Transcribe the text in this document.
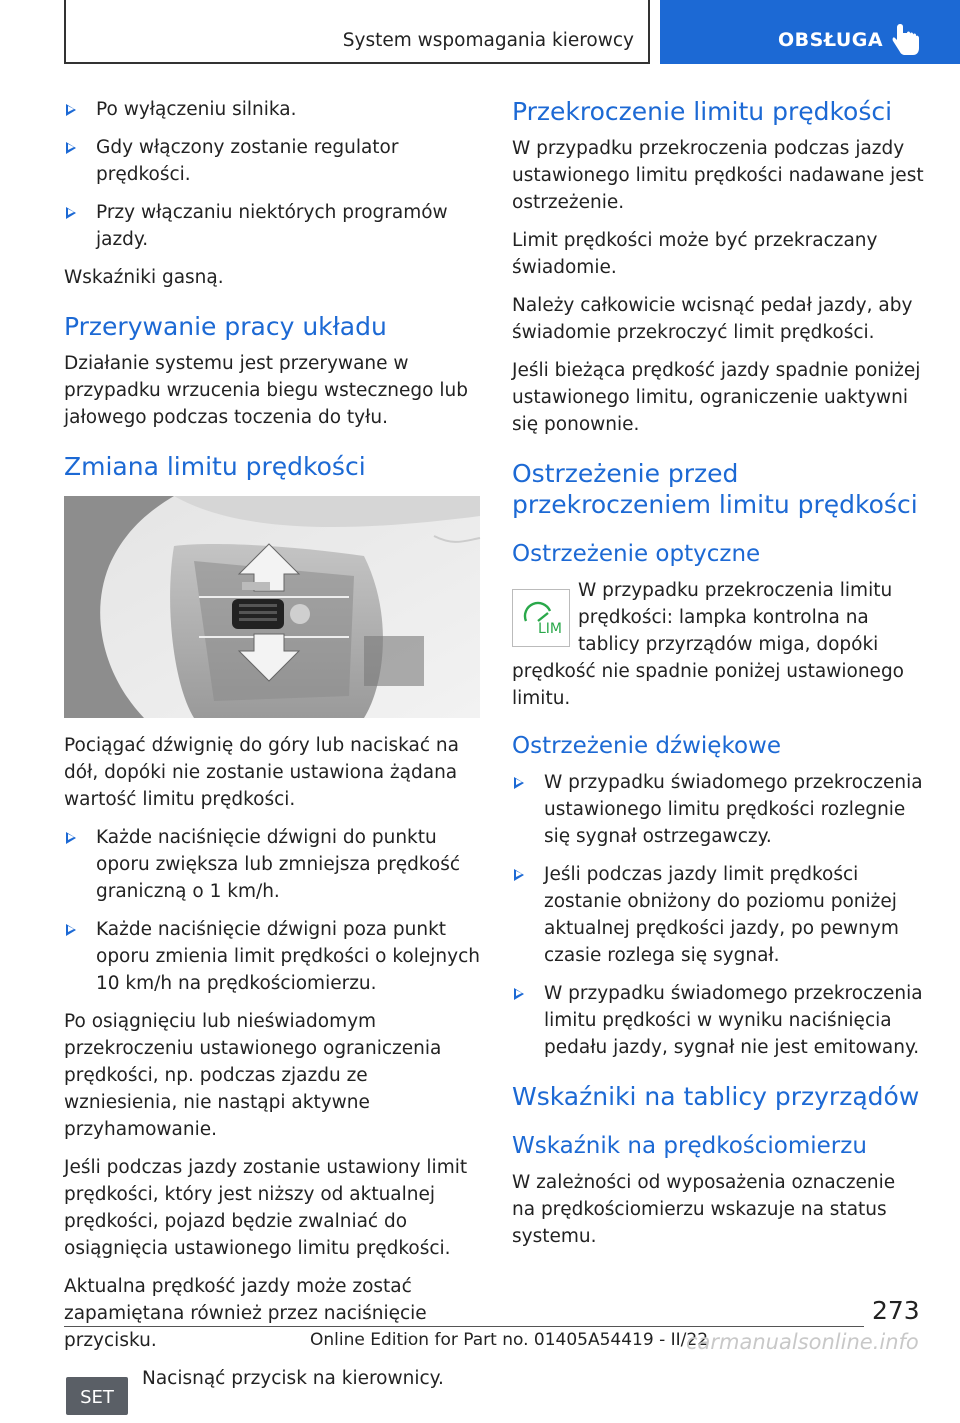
System wspomagania kierowcy	OBSŁUGA
Po wyłączeniu silnika.
Gdy włączony zostanie regulator prędkości.
Przy włączaniu niektórych programów jazdy.

Wskaźniki gasną.

Przerywanie pracy układu

Działanie systemu jest przerywane w przypadku wrzucenia biegu wstecznego lub jałowego podczas toczenia do tyłu.

Zmiana limitu prędkości

Pociągać dźwignię do góry lub naciskać na dół, dopóki nie zostanie ustawiona żądana wartość limitu prędkości.

Każde naciśnięcie dźwigni do punktu oporu zwiększa lub zmniejsza prędkość graniczną o 1 km/h.
Każde naciśnięcie dźwigni poza punkt oporu zmienia limit prędkości o kolejnych 10 km/h na prędkościomierzu.

Po osiągnięciu lub nieświadomym przekroczeniu ustawionego ograniczenia prędkości, np. podczas zjazdu ze wzniesienia, nie nastąpi aktywne przyhamowanie.

Jeśli podczas jazdy zostanie ustawiony limit prędkości, który jest niższy od aktualnej prędkości, pojazd będzie zwalniać do osiągnięcia ustawionego limitu prędkości.

Aktualna prędkość jazdy może zostać zapamiętana również przez naciśnięcie przycisku.

SET

Nacisnąć przycisk na kierownicy.

Przekroczenie limitu prędkości

W przypadku przekroczenia podczas jazdy ustawionego limitu prędkości nadawane jest ostrzeżenie.

Limit prędkości może być przekraczany świadomie.

Należy całkowicie wcisnąć pedał jazdy, aby świadomie przekroczyć limit prędkości.

Jeśli bieżąca prędkość jazdy spadnie poniżej ustawionego limitu, ograniczenie uaktywni się ponownie.

Ostrzeżenie przed przekroczeniem limitu prędkości
Ostrzeżenie optyczne
LIM

W przypadku przekroczenia limitu prędkości: lampka kontrolna na tablicy przyrządów miga, dopóki prędkość nie spadnie poniżej ustawionego limitu.

Ostrzeżenie dźwiękowe
W przypadku świadomego przekroczenia ustawionego limitu prędkości rozlegnie się sygnał ostrzegawczy.
Jeśli podczas jazdy limit prędkości zostanie obniżony do poziomu poniżej aktualnej prędkości jazdy, po pewnym czasie rozlega się sygnał.
W przypadku świadomego przekroczenia limitu prędkości w wyniku naciśnięcia pedału jazdy, sygnał nie jest emitowany.
Wskaźniki na tablicy przyrządów
Wskaźnik na prędkościomierzu

W zależności od wyposażenia oznaczenie na prędkościomierzu wskazuje na status systemu.

273
Online Edition for Part no. 01405A54419 - II/22
carmanualsonline.info
